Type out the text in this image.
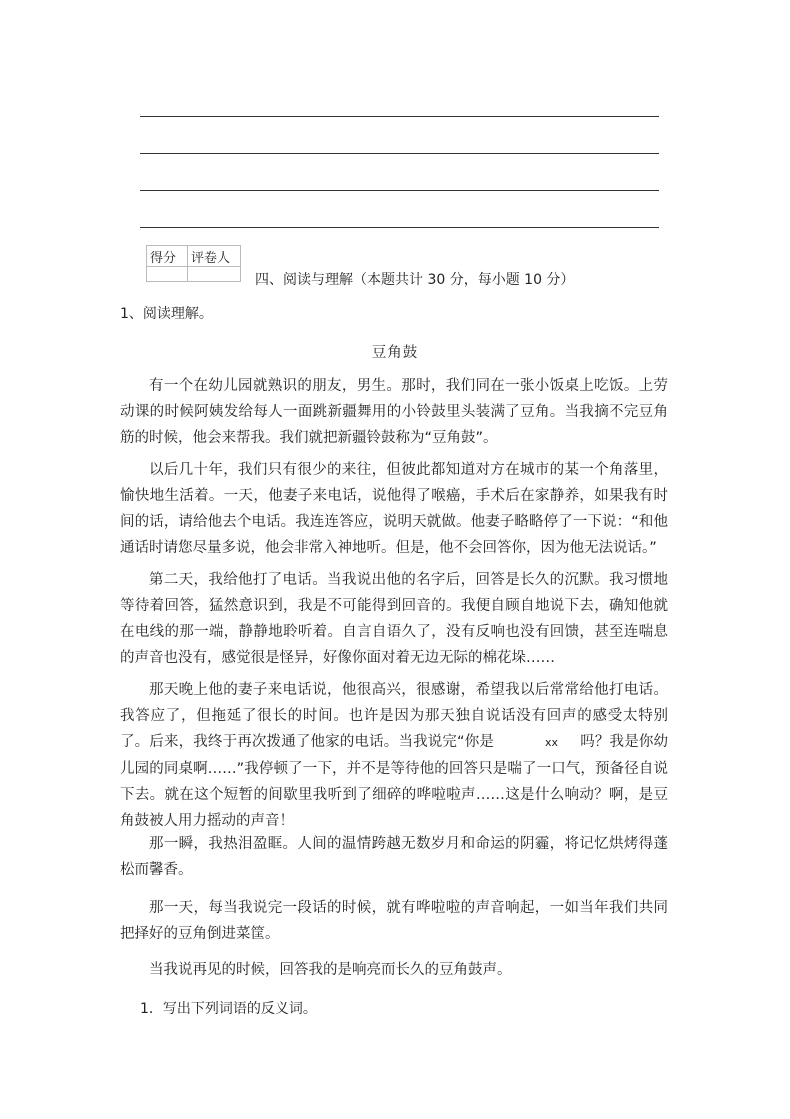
得分	评卷人

四、阅读与理解（本题共计 30 分，每小题 10 分）
1、阅读理解。
豆角鼓

有一个在幼儿园就熟识的朋友，男生。那时，我们同在一张小饭桌上吃饭。上劳动课的时候阿姨发给每人一面跳新疆舞用的小铃鼓里头装满了豆角。当我摘不完豆角筋的时候，他会来帮我。我们就把新疆铃鼓称为“豆角鼓”。

以后几十年，我们只有很少的来往，但彼此都知道对方在城市的某一个角落里，愉快地生活着。一天，他妻子来电话，说他得了喉癌，手术后在家静养，如果我有时间的话，请给他去个电话。我连连答应，说明天就做。他妻子略略停了一下说：“和他通话时请您尽量多说，他会非常入神地听。但是，他不会回答你，因为他无法说话。”

第二天，我给他打了电话。当我说出他的名字后，回答是长久的沉默。我习惯地等待着回答，猛然意识到，我是不可能得到回音的。我便自顾自地说下去，确知他就在电线的那一端，静静地聆听着。自言自语久了，没有反响也没有回馈，甚至连喘息的声音也没有，感觉很是怪异，好像你面对着无边无际的棉花垛……

那天晚上他的妻子来电话说，他很高兴，很感谢，希望我以后常常给他打电话。我答应了，但拖延了很长的时间。也许是因为那天独自说话没有回声的感受太特别了。后来，我终于再次拨通了他家的电话。当我说完“你是	xx 吗？我是你幼儿园的同桌啊……”我停顿了一下，并不是等待他的回答只是喘了一口气，预备径自说下去。就在这个短暂的间歇里我听到了细碎的哗啦啦声……这是什么响动？啊，是豆角鼓被人用力摇动的声音！

那一瞬，我热泪盈眶。人间的温情跨越无数岁月和命运的阴霾，将记忆烘烤得蓬松而馨香。

那一天，每当我说完一段话的时候，就有哗啦啦的声音响起，一如当年我们共同把择好的豆角倒进菜筐。

当我说再见的时候，回答我的是响亮而长久的豆角鼓声。

1．写出下列词语的反义词。
